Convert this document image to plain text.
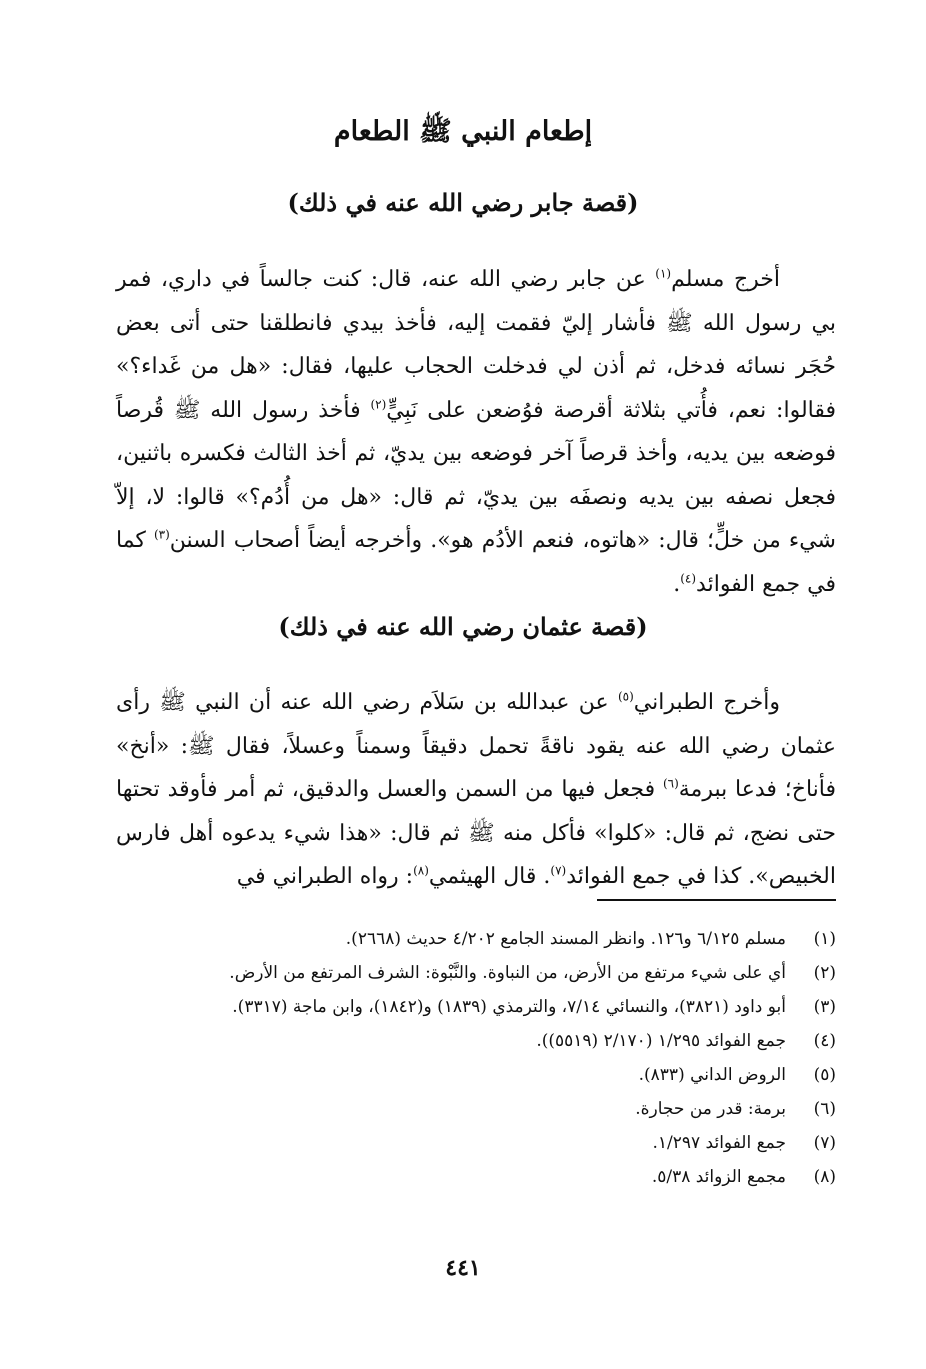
إطعام النبي ﷺ الطعام
(قصة جابر رضي الله عنه في ذلك)

أخرج مسلم$^{(١)}$ عن جابر رضي الله عنه، قال: كنت جالساً في داري، فمر بي رسول الله ﷺ فأشار إليّ فقمت إليه، فأخذ بيدي فانطلقنا حتى أتى بعض حُجَر نسائه فدخل، ثم أذن لي فدخلت الحجاب عليها، فقال: «هل من غَداء؟» فقالوا: نعم، فأُتي بثلاثة أقرصة فوُضعن على نَبِيٍّ$^{(٢)}$ فأخذ رسول الله ﷺ قُرصاً فوضعه بين يديه، وأخذ قرصاً آخر فوضعه بين يديّ، ثم أخذ الثالث فكسره باثنين، فجعل نصفه بين يديه ونصفَه بين يديّ، ثم قال: «هل من أُدُم؟» قالوا: لا، إلاّ شيء من خلٍّ؛ قال: «هاتوه، فنعم الأدُم هو». وأخرجه أيضاً أصحاب السنن$^{(٣)}$ كما في جمع الفوائد$^{(٤)}$.

(قصة عثمان رضي الله عنه في ذلك)

وأخرج الطبراني$^{(٥)}$ عن عبدالله بن سَلاَم رضي الله عنه أن النبي ﷺ رأى عثمان رضي الله عنه يقود ناقةً تحمل دقيقاً وسمناً وعسلاً، فقال ﷺ: «أنخ» فأناخ؛ فدعا ببرمة$^{(٦)}$ فجعل فيها من السمن والعسل والدقيق، ثم أمر فأوقد تحتها حتى نضج، ثم قال: «كلوا» فأكل منه ﷺ ثم قال: «هذا شيء يدعوه أهل فارس الخبيص». كذا في جمع الفوائد$^{(٧)}$. قال الهيثمي$^{(٨)}$: رواه الطبراني في

(١)
مسلم ٦/١٢٥ و١٢٦. وانظر المسند الجامع ٤/٢٠٢ حديث (٢٦٦٨).
(٢)
أي على شيء مرتفع من الأرض، من النباوة. والنَّبْوة: الشرف المرتفع من الأرض.
(٣)
أبو داود (٣٨٢١)، والنسائي ٧/١٤، والترمذي (١٨٣٩) و(١٨٤٢)، وابن ماجة (٣٣١٧).
(٤)
جمع الفوائد ١/٢٩٥ (٢/١٧٠ (٥٥١٩)).
(٥)
الروض الداني (٨٣٣).
(٦)
برمة: قدر من حجارة.
(٧)
جمع الفوائد ١/٢٩٧.
(٨)
مجمع الزوائد ٥/٣٨.
٤٤١
